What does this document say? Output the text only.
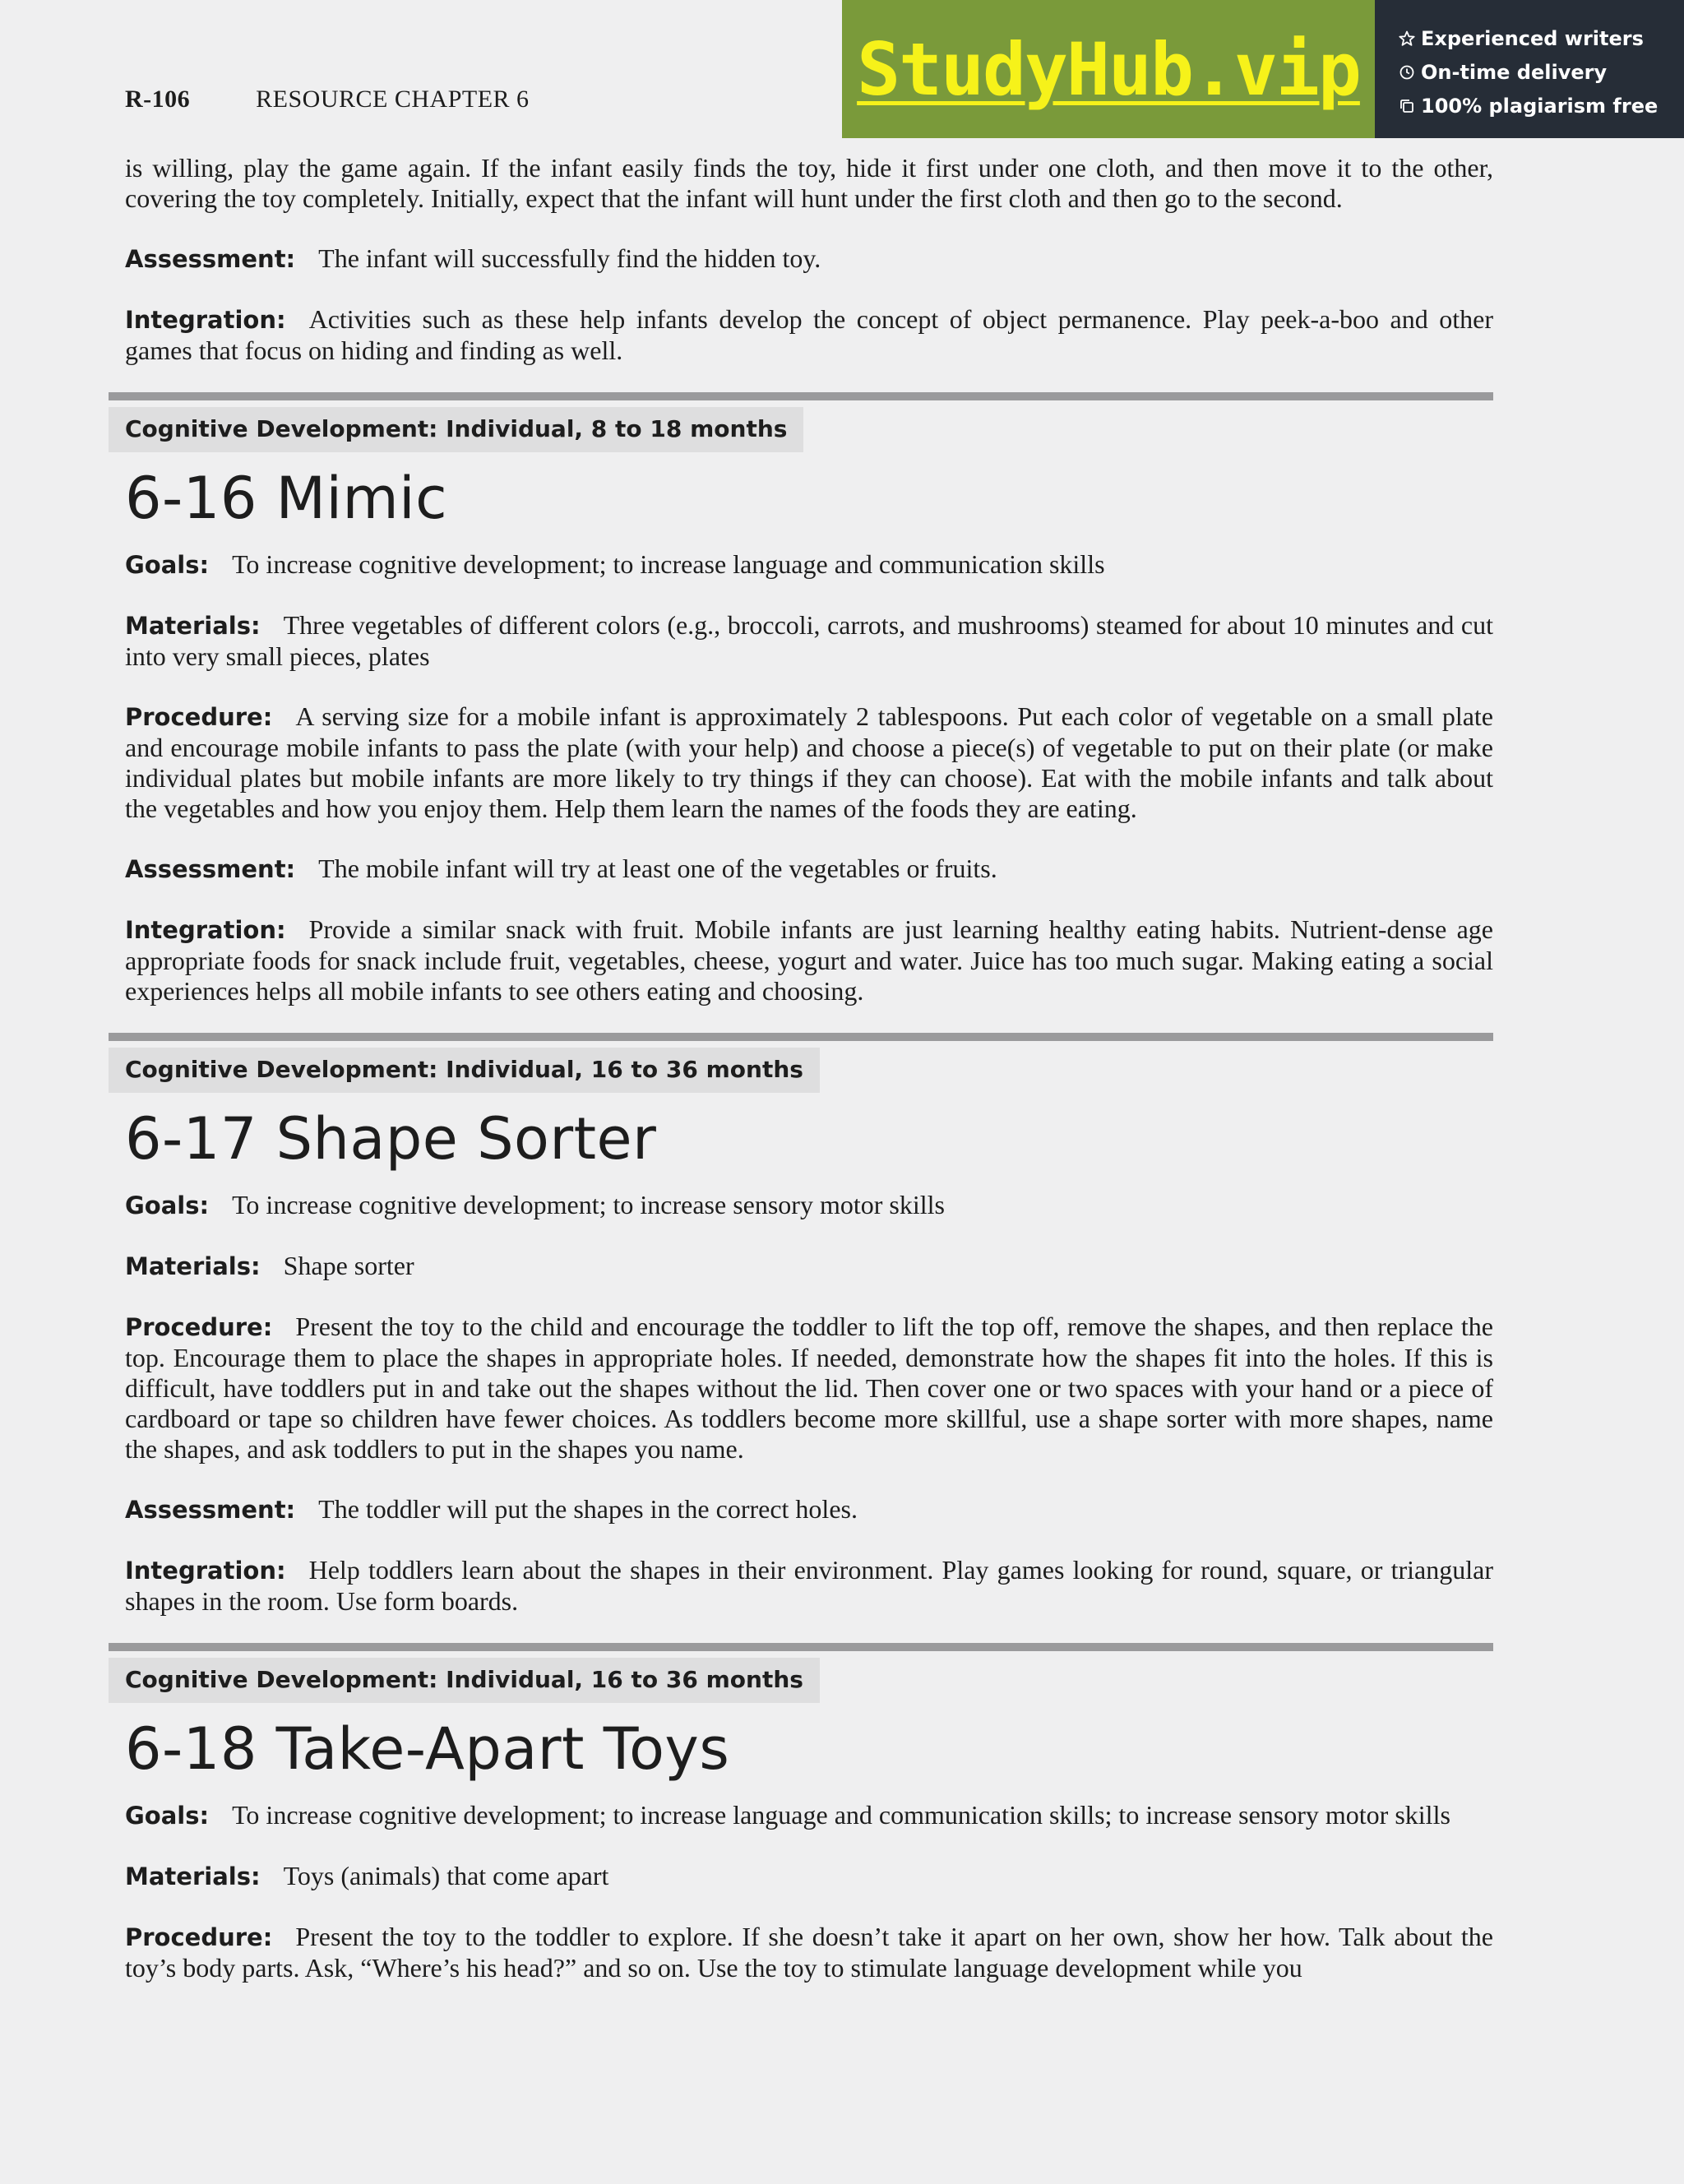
R-106	RESOURCE CHAPTER 6	StudyHub.vip	Experienced writers
On-time delivery
100% plagiarism free

is willing, play the game again. If the infant easily finds the toy, hide it first under one cloth, and then move it to the other, covering the toy completely. Initially, expect that the infant will hunt under the first cloth and then go to the second.

Assessment: The infant will successfully find the hidden toy.

Integration: Activities such as these help infants develop the concept of object permanence. Play peek-a-boo and other games that focus on hiding and finding as well.

Cognitive Development: Individual, 8 to 18 months
6-16 Mimic

Goals: To increase cognitive development; to increase language and communication skills

Materials: Three vegetables of different colors (e.g., broccoli, carrots, and mushrooms) steamed for about 10 minutes and cut into very small pieces, plates

Procedure: A serving size for a mobile infant is approximately 2 tablespoons. Put each color of vegetable on a small plate and encourage mobile infants to pass the plate (with your help) and choose a piece(s) of vegetable to put on their plate (or make individual plates but mobile infants are more likely to try things if they can choose). Eat with the mobile infants and talk about the vegetables and how you enjoy them. Help them learn the names of the foods they are eating.

Assessment: The mobile infant will try at least one of the vegetables or fruits.

Integration: Provide a similar snack with fruit. Mobile infants are just learning healthy eating habits. Nutrient-dense age appropriate foods for snack include fruit, vegetables, cheese, yogurt and water. Juice has too much sugar. Making eating a social experiences helps all mobile infants to see others eating and choosing.

Cognitive Development: Individual, 16 to 36 months
6-17 Shape Sorter

Goals: To increase cognitive development; to increase sensory motor skills

Materials: Shape sorter

Procedure: Present the toy to the child and encourage the toddler to lift the top off, remove the shapes, and then replace the top. Encourage them to place the shapes in appropriate holes. If needed, demonstrate how the shapes fit into the holes. If this is difficult, have toddlers put in and take out the shapes without the lid. Then cover one or two spaces with your hand or a piece of cardboard or tape so children have fewer choices. As toddlers become more skillful, use a shape sorter with more shapes, name the shapes, and ask toddlers to put in the shapes you name.

Assessment: The toddler will put the shapes in the correct holes.

Integration: Help toddlers learn about the shapes in their environment. Play games looking for round, square, or triangular shapes in the room. Use form boards.

Cognitive Development: Individual, 16 to 36 months
6-18 Take-Apart Toys

Goals: To increase cognitive development; to increase language and communication skills; to increase sensory motor skills

Materials: Toys (animals) that come apart

Procedure: Present the toy to the toddler to explore. If she doesn’t take it apart on her own, show her how. Talk about the toy’s body parts. Ask, “Where’s his head?” and so on. Use the toy to stimulate language development while you
